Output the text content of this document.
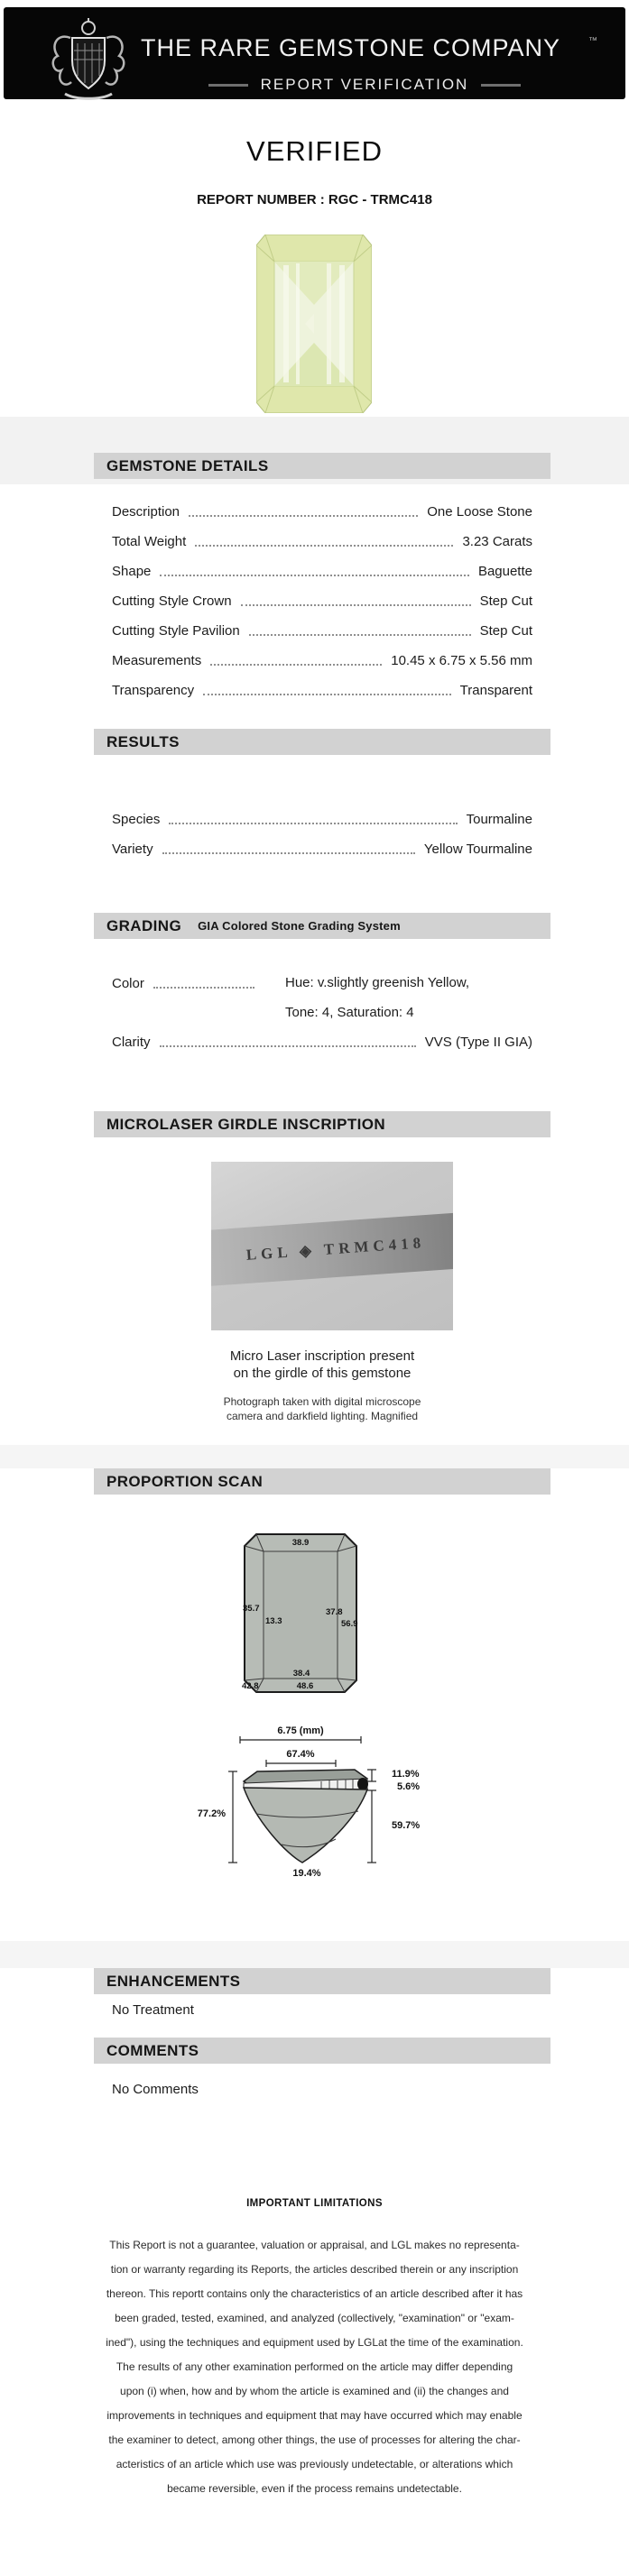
THE RARE GEMSTONE COMPANY	™
REPORT VERIFICATION
VERIFIED
REPORT NUMBER : RGC - TRMC418
GEMSTONE DETAILS
Description	One Loose Stone
Total Weight	3.23 Carats
Shape	Baguette
Cutting Style Crown	Step Cut
Cutting Style Pavilion	Step Cut
Measurements	10.45 x 6.75 x 5.56 mm
Transparency	Transparent
RESULTS
Species	Tourmaline
Variety	Yellow Tourmaline
GRADING GIA Colored Stone Grading System
Color	Hue: v.slightly greenish Yellow,
Tone: 4, Saturation: 4
Clarity	VVS (Type II GIA)
MICROLASER GIRDLE INSCRIPTION
LGL ◈ TRMC418
Micro Laser inscription present
on the girdle of this gemstone
Photograph taken with digital microscope
camera and darkfield lighting. Magnified
PROPORTION SCAN
38.9
35.7
13.3
37.8
56.9
38.4
48.6
42.8
6.75 (mm)
67.4%
77.2%
11.9%
5.6%
59.7%
19.4%
ENHANCEMENTS
No Treatment
COMMENTS
No Comments
IMPORTANT LIMITATIONS
This Report is not a guarantee, valuation or appraisal, and LGL makes no representa-
tion or warranty regarding its Reports, the articles described therein or any inscription
thereon. This reportt contains only the characteristics of an article described after it has
been graded, tested, examined, and analyzed (collectively, "examination" or "exam-
ined"), using the techniques and equipment used by LGLat the time of the examination.
The results of any other examination performed on the article may differ depending
upon (i) when, how and by whom the article is examined and (ii) the changes and
improvements in techniques and equipment that may have occurred which may enable
the examiner to detect, among other things, the use of processes for altering the char-
acteristics of an article which use was previously undetectable, or alterations which
became reversible, even if the process remains undetectable.
